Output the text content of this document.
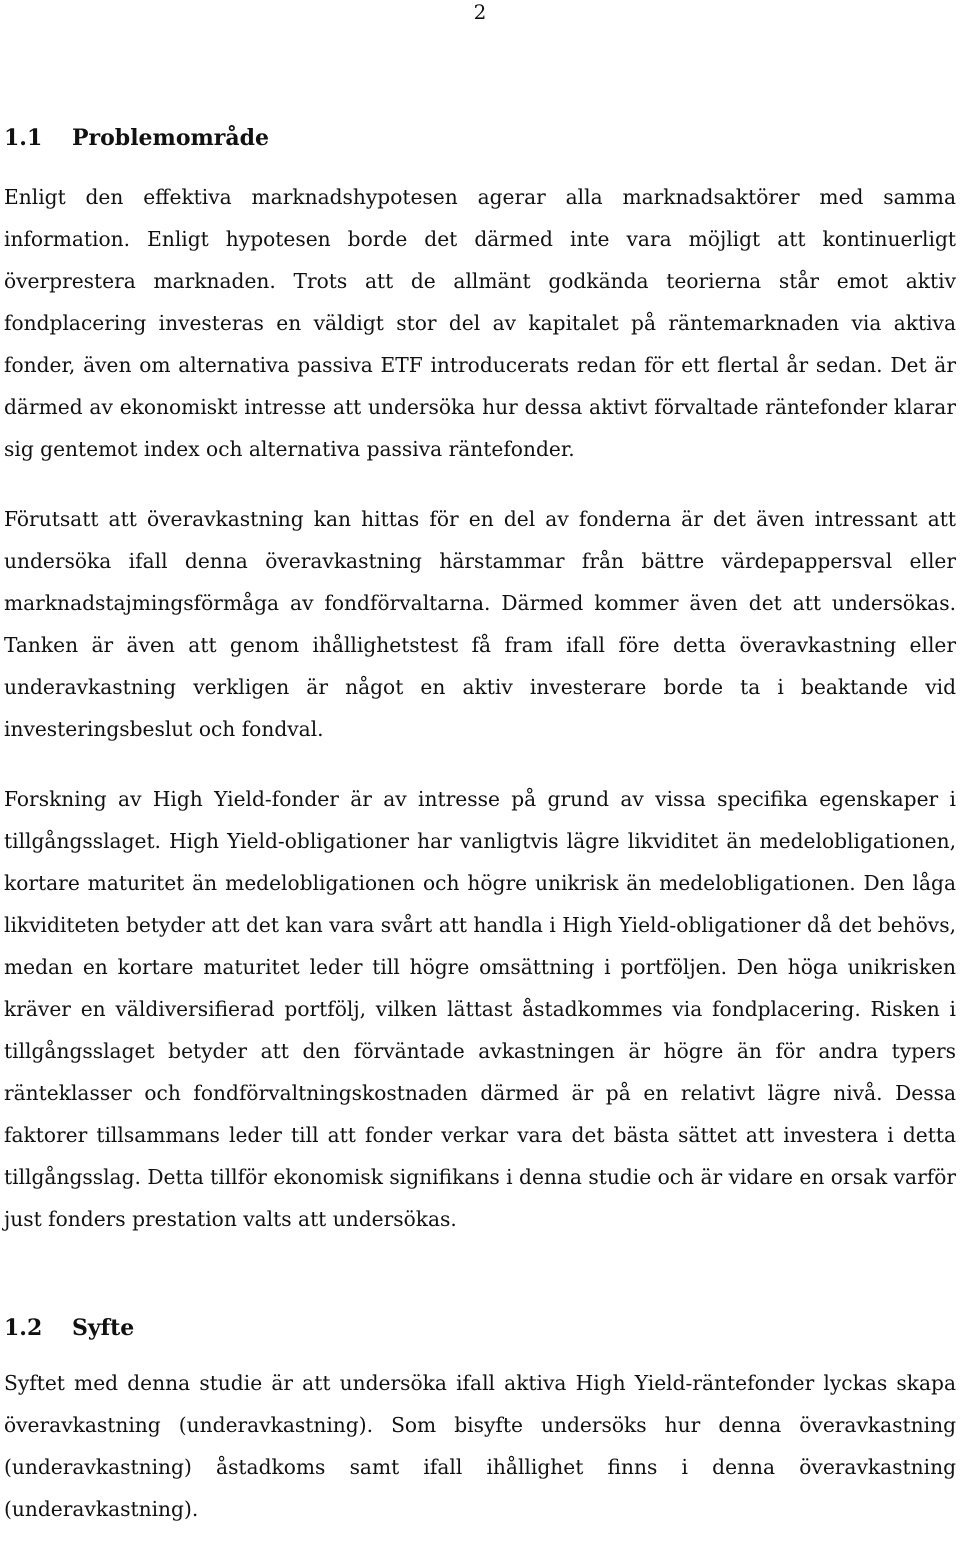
2
1.1	Problemområde

Enligt den effektiva marknadshypotesen agerar alla marknadsaktörer med samma information. Enligt hypotesen borde det därmed inte vara möjligt att kontinuerligt överprestera marknaden. Trots att de allmänt godkända teorierna står emot aktiv fondplacering investeras en väldigt stor del av kapitalet på räntemarknaden via aktiva fonder, även om alternativa passiva ETF introducerats redan för ett flertal år sedan. Det är därmed av ekonomiskt intresse att undersöka hur dessa aktivt förvaltade räntefonder klarar sig gentemot index och alternativa passiva räntefonder.

Förutsatt att överavkastning kan hittas för en del av fonderna är det även intressant att undersöka ifall denna överavkastning härstammar från bättre värdepappersval eller marknadstajmingsförmåga av fondförvaltarna. Därmed kommer även det att undersökas. Tanken är även att genom ihållighetstest få fram ifall före detta överavkastning eller underavkastning verkligen är något en aktiv investerare borde ta i beaktande vid investeringsbeslut och fondval.

Forskning av High Yield-fonder är av intresse på grund av vissa specifika egenskaper i tillgångsslaget. High Yield-obligationer har vanligtvis lägre likviditet än medelobligationen, kortare maturitet än medelobligationen och högre unikrisk än medelobligationen. Den låga likviditeten betyder att det kan vara svårt att handla i High Yield-obligationer då det behövs, medan en kortare maturitet leder till högre omsättning i portföljen. Den höga unikrisken kräver en väldiversifierad portfölj, vilken lättast åstadkommes via fondplacering. Risken i tillgångsslaget betyder att den förväntade avkastningen är högre än för andra typers ränteklasser och fondförvaltningskostnaden därmed är på en relativt lägre nivå. Dessa faktorer tillsammans leder till att fonder verkar vara det bästa sättet att investera i detta tillgångsslag. Detta tillför ekonomisk signifikans i denna studie och är vidare en orsak varför just fonders prestation valts att undersökas.

1.2	Syfte

Syftet med denna studie är att undersöka ifall aktiva High Yield-räntefonder lyckas skapa överavkastning (underavkastning). Som bisyfte undersöks hur denna överavkastning (underavkastning) åstadkoms samt ifall ihållighet finns i denna överavkastning (underavkastning).
